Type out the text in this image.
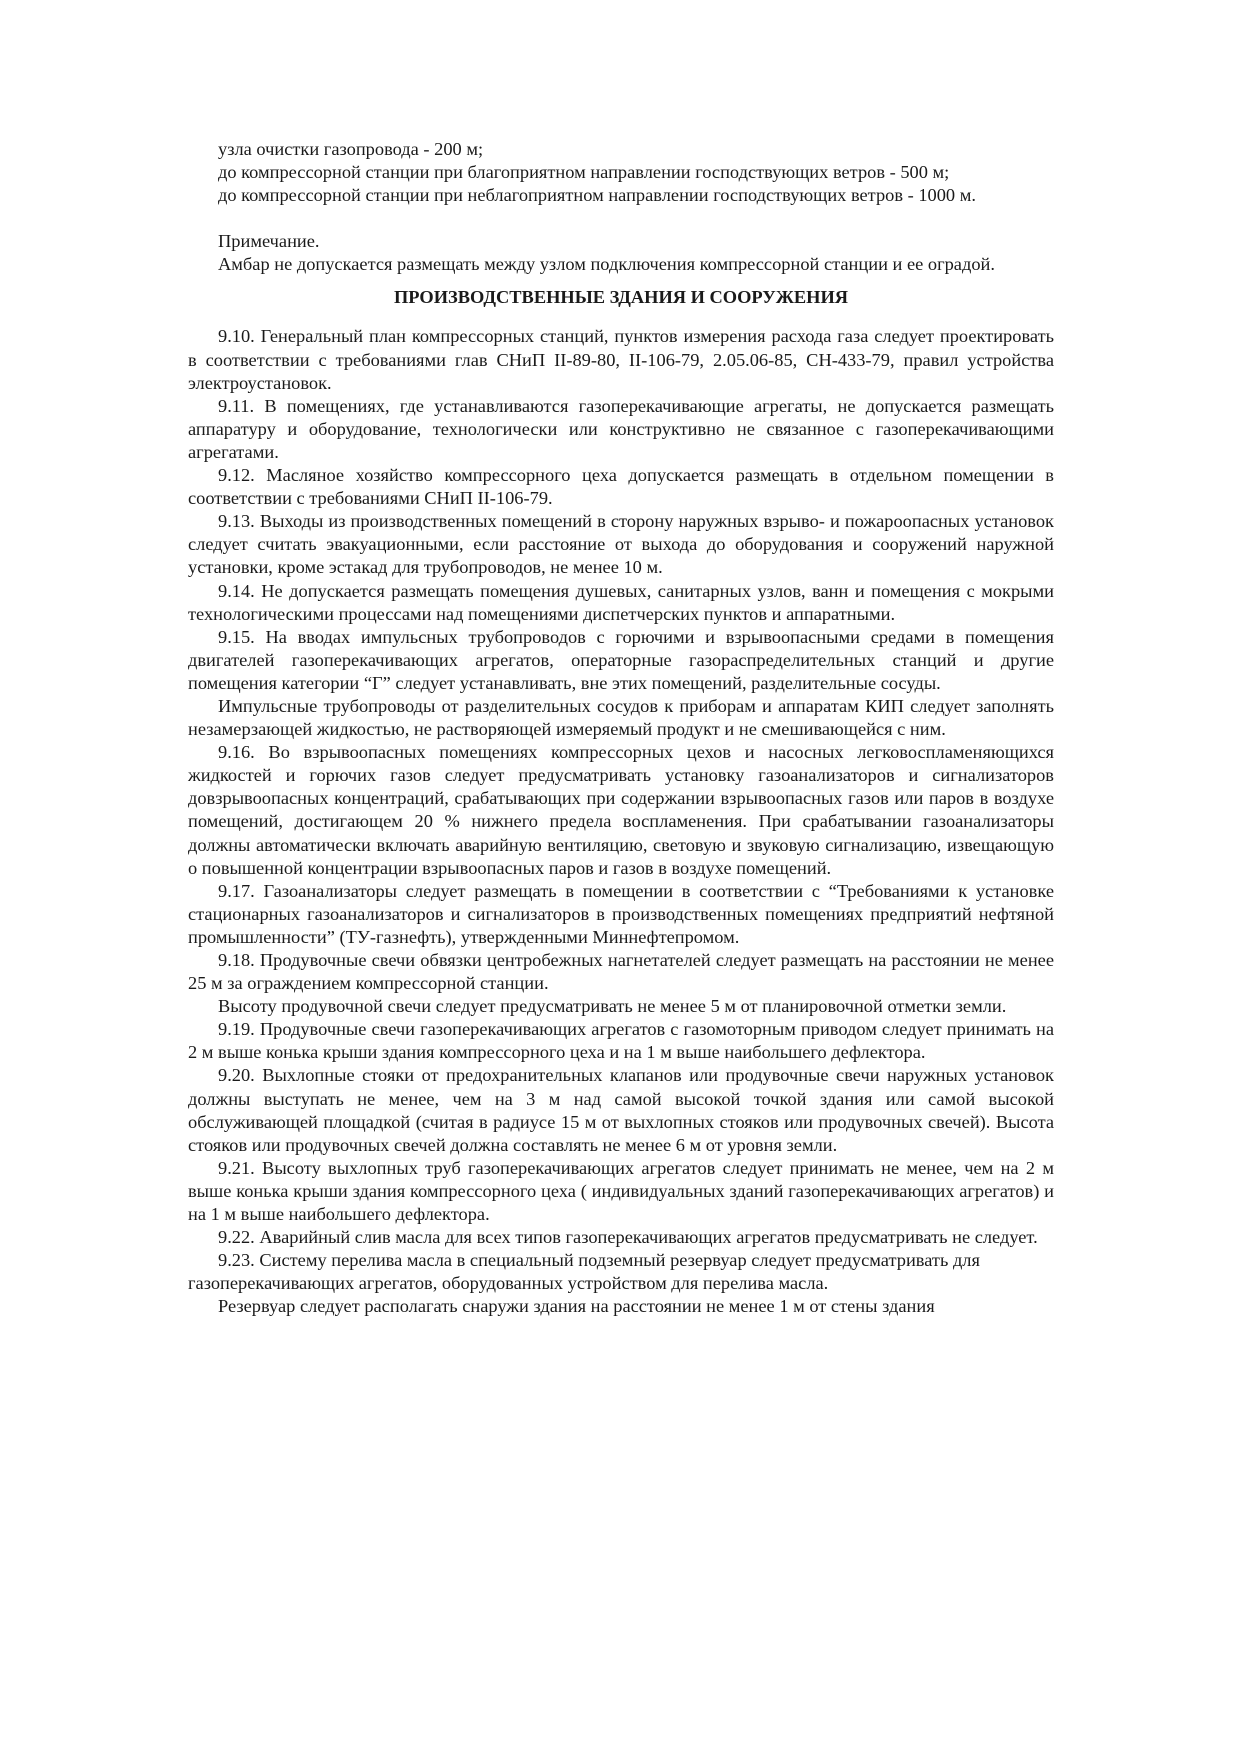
узла очистки газопровода - 200 м;

до компрессорной станции при благоприятном направлении господствующих ветров - 500 м;

до компрессорной станции при неблагоприятном направлении господствующих ветров - 1000 м.

Примечание.

Амбар не допускается размещать между узлом подключения компрессорной станции и ее оградой.

ПРОИЗВОДСТВЕННЫЕ ЗДАНИЯ И СООРУЖЕНИЯ

9.10. Генеральный план компрессорных станций, пунктов измерения расхода газа следует проектировать в соответствии с требованиями глав СНиП II-89-80, II-106-79, 2.05.06-85, СН-433-79, правил устройства электроустановок.

9.11. В помещениях, где устанавливаются газоперекачивающие агрегаты, не допускается размещать аппаратуру и оборудование, технологически или конструктивно не связанное с газоперекачивающими агрегатами.

9.12. Масляное хозяйство компрессорного цеха допускается размещать в отдельном помещении в соответствии с требованиями СНиП II-106-79.

9.13. Выходы из производственных помещений в сторону наружных взрыво- и пожароопасных установок следует считать эвакуационными, если расстояние от выхода до оборудования и сооружений наружной установки, кроме эстакад для трубопроводов, не менее 10 м.

9.14. Не допускается размещать помещения душевых, санитарных узлов, ванн и помещения с мокрыми технологическими процессами над помещениями диспетчерских пунктов и аппаратными.

9.15. На вводах импульсных трубопроводов с горючими и взрывоопасными средами в помещения двигателей газоперекачивающих агрегатов, операторные газораспределительных станций и другие помещения категории “Г” следует устанавливать, вне этих помещений, разделительные сосуды.

Импульсные трубопроводы от разделительных сосудов к приборам и аппаратам КИП следует заполнять незамерзающей жидкостью, не растворяющей измеряемый продукт и не смешивающейся с ним.

9.16. Во взрывоопасных помещениях компрессорных цехов и насосных легковоспламеняющихся жидкостей и горючих газов следует предусматривать установку газоанализаторов и сигнализаторов довзрывоопасных концентраций, срабатывающих при содержании взрывоопасных газов или паров в воздухе помещений, достигающем 20 % нижнего предела воспламенения. При срабатывании газоанализаторы должны автоматически включать аварийную вентиляцию, световую и звуковую сигнализацию, извещающую о повышенной концентрации взрывоопасных паров и газов в воздухе помещений.

9.17. Газоанализаторы следует размещать в помещении в соответствии с “Требованиями к установке стационарных газоанализаторов и сигнализаторов в производственных помещениях предприятий нефтяной промышленности” (ТУ-газнефть), утвержденными Миннефтепромом.

9.18. Продувочные свечи обвязки центробежных нагнетателей следует размещать на расстоянии не менее 25 м за ограждением компрессорной станции.

Высоту продувочной свечи следует предусматривать не менее 5 м от планировочной отметки земли.

9.19. Продувочные свечи газоперекачивающих агрегатов с газомоторным приводом следует принимать на 2 м выше конька крыши здания компрессорного цеха и на 1 м выше наибольшего дефлектора.

9.20. Выхлопные стояки от предохранительных клапанов или продувочные свечи наружных установок должны выступать не менее, чем на 3 м над самой высокой точкой здания или самой высокой обслуживающей площадкой (считая в радиусе 15 м от выхлопных стояков или продувочных свечей). Высота стояков или продувочных свечей должна составлять не менее 6 м от уровня земли.

9.21. Высоту выхлопных труб газоперекачивающих агрегатов следует принимать не менее, чем на 2 м выше конька крыши здания компрессорного цеха ( индивидуальных зданий газоперекачивающих агрегатов) и на 1 м выше наибольшего дефлектора.

9.22. Аварийный слив масла для всех типов газоперекачивающих агрегатов предусматривать не следует.

9.23. Систему перелива масла в специальный подземный резервуар следует предусматривать для газоперекачивающих агрегатов, оборудованных устройством для перелива масла.

Резервуар следует располагать снаружи здания на расстоянии не менее 1 м от стены здания
